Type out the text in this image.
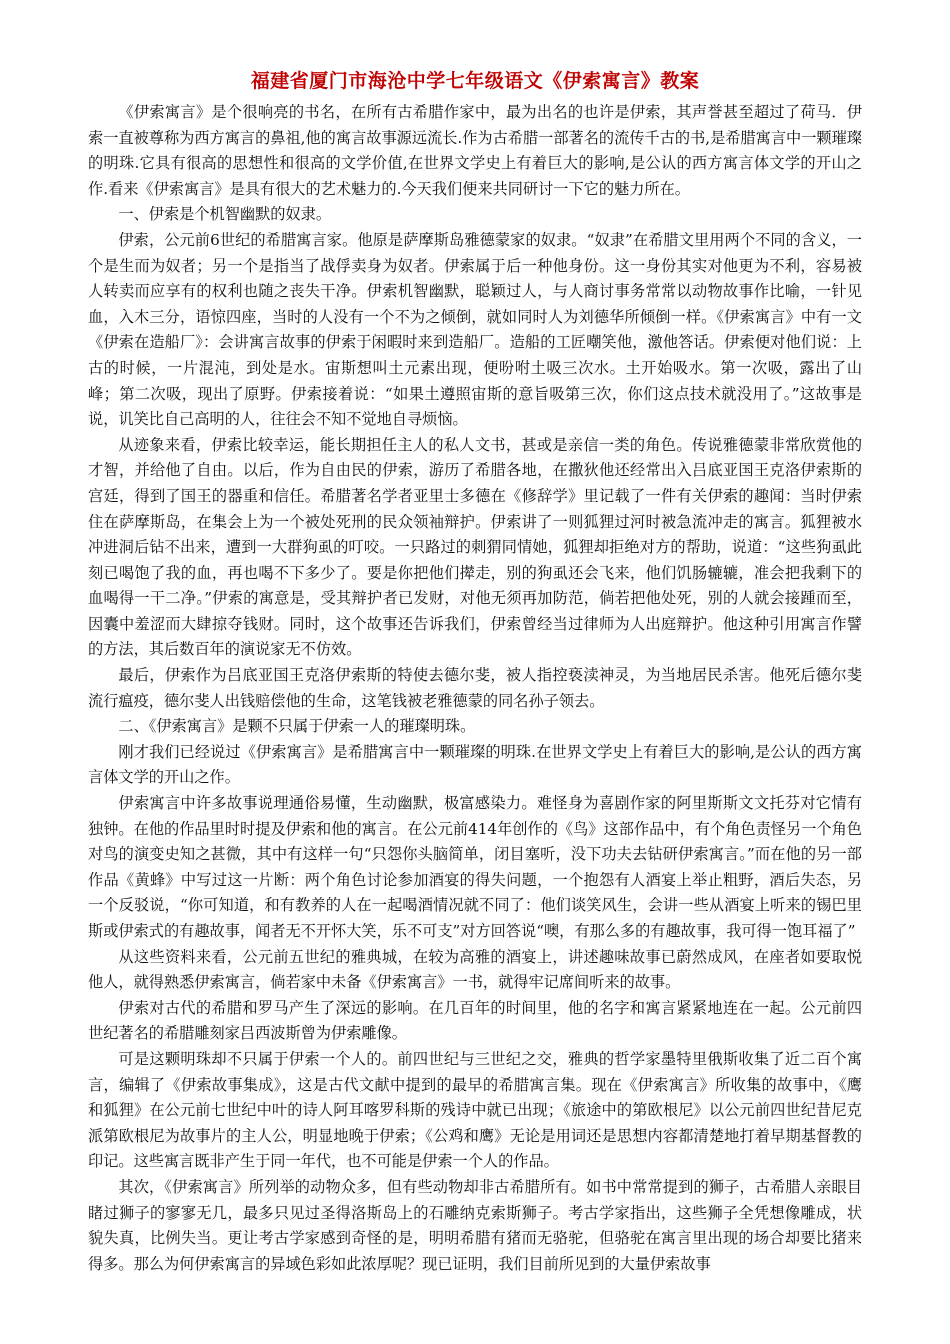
福建省厦门市海沧中学七年级语文《伊索寓言》教案

《伊索寓言》是个很响亮的书名，在所有古希腊作家中，最为出名的也许是伊索，其声誉甚至超过了荷马．伊索一直被尊称为西方寓言的鼻祖,他的寓言故事源远流长.作为古希腊一部著名的流传千古的书,是希腊寓言中一颗璀璨的明珠.它具有很高的思想性和很高的文学价值,在世界文学史上有着巨大的影响,是公认的西方寓言体文学的开山之作.看来《伊索寓言》是具有很大的艺术魅力的.今天我们便来共同研讨一下它的魅力所在。

一、伊索是个机智幽默的奴隶。

伊索，公元前6世纪的希腊寓言家。他原是萨摩斯岛雅德蒙家的奴隶。“奴隶”在希腊文里用两个不同的含义，一个是生而为奴者；另一个是指当了战俘卖身为奴者。伊索属于后一种他身份。这一身份其实对他更为不利，容易被人转卖而应享有的权利也随之丧失干净。伊索机智幽默，聪颖过人，与人商讨事务常常以动物故事作比喻，一针见血，入木三分，语惊四座，当时的人没有一个不为之倾倒，就如同时人为刘德华所倾倒一样。《伊索寓言》中有一文《伊索在造船厂》：会讲寓言故事的伊索于闲暇时来到造船厂。造船的工匠嘲笑他，激他答话。伊索便对他们说：上古的时候，一片混沌，到处是水。宙斯想叫土元素出现，便吩咐土吸三次水。土开始吸水。第一次吸，露出了山峰；第二次吸，现出了原野。伊索接着说：“如果土遵照宙斯的意旨吸第三次，你们这点技术就没用了。”这故事是说，讥笑比自己高明的人，往往会不知不觉地自寻烦恼。

从迹象来看，伊索比较幸运，能长期担任主人的私人文书，甚或是亲信一类的角色。传说雅德蒙非常欣赏他的才智，并给他了自由。以后，作为自由民的伊索，游历了希腊各地，在撒狄他还经常出入吕底亚国王克洛伊索斯的宫廷，得到了国王的器重和信任。希腊著名学者亚里士多德在《修辞学》里记载了一件有关伊索的趣闻：当时伊索住在萨摩斯岛，在集会上为一个被处死刑的民众领袖辩护。伊索讲了一则狐狸过河时被急流冲走的寓言。狐狸被水冲进洞后钻不出来，遭到一大群狗虱的叮咬。一只路过的刺猬同情她，狐狸却拒绝对方的帮助，说道：“这些狗虱此刻已喝饱了我的血，再也喝不下多少了。要是你把他们撵走，别的狗虱还会飞来，他们饥肠辘辘，准会把我剩下的血喝得一干二净。”伊索的寓意是，受其辩护者已发财，对他无须再加防范，倘若把他处死，别的人就会接踵而至，因囊中羞涩而大肆掠夺钱财。同时，这个故事还告诉我们，伊索曾经当过律师为人出庭辩护。他这种引用寓言作譬的方法，其后数百年的演说家无不仿效。

最后，伊索作为吕底亚国王克洛伊索斯的特使去德尔斐，被人指控亵渎神灵，为当地居民杀害。他死后德尔斐流行瘟疫，德尔斐人出钱赔偿他的生命，这笔钱被老雅德蒙的同名孙子领去。

二、《伊索寓言》是颗不只属于伊索一人的璀璨明珠。

刚才我们已经说过《伊索寓言》是希腊寓言中一颗璀璨的明珠.在世界文学史上有着巨大的影响,是公认的西方寓言体文学的开山之作。

伊索寓言中许多故事说理通俗易懂，生动幽默，极富感染力。难怪身为喜剧作家的阿里斯斯文文托芬对它情有独钟。在他的作品里时时提及伊索和他的寓言。在公元前414年创作的《鸟》这部作品中，有个角色责怪另一个角色对鸟的演变史知之甚微，其中有这样一句“只怨你头脑简单，闭目塞听，没下功夫去钻研伊索寓言。”而在他的另一部作品《黄蜂》中写过这一片断：两个角色讨论参加酒宴的得失问题，一个抱怨有人酒宴上举止粗野，酒后失态，另一个反驳说，“你可知道，和有教养的人在一起喝酒情况就不同了：他们谈笑风生，会讲一些从酒宴上听来的锡巴里斯或伊索式的有趣故事，闻者无不开怀大笑，乐不可支”对方回答说“噢，有那么多的有趣故事，我可得一饱耳福了”

从这些资料来看，公元前五世纪的雅典城，在较为高雅的酒宴上，讲述趣味故事已蔚然成风，在座者如要取悦他人，就得熟悉伊索寓言，倘若家中未备《伊索寓言》一书，就得牢记席间听来的故事。

伊索对古代的希腊和罗马产生了深远的影响。在几百年的时间里，他的名字和寓言紧紧地连在一起。公元前四世纪著名的希腊雕刻家吕西波斯曾为伊索雕像。

可是这颗明珠却不只属于伊索一个人的。前四世纪与三世纪之交，雅典的哲学家墨特里俄斯收集了近二百个寓言，编辑了《伊索故事集成》，这是古代文献中提到的最早的希腊寓言集。现在《伊索寓言》所收集的故事中，《鹰和狐狸》在公元前七世纪中叶的诗人阿耳喀罗科斯的残诗中就已出现；《旅途中的第欧根尼》以公元前四世纪昔尼克派第欧根尼为故事片的主人公，明显地晚于伊索；《公鸡和鹰》无论是用词还是思想内容都清楚地打着早期基督教的印记。这些寓言既非产生于同一年代，也不可能是伊索一个人的作品。

其次，《伊索寓言》所列举的动物众多，但有些动物却非古希腊所有。如书中常常提到的狮子，古希腊人亲眼目睹过狮子的寥寥无几，最多只见过圣得洛斯岛上的石雕纳克索斯狮子。考古学家指出，这些狮子全凭想像雕成，状貌失真，比例失当。更让考古学家感到奇怪的是，明明希腊有猪而无骆驼，但骆驼在寓言里出现的场合却要比猪来得多。那么为何伊索寓言的异域色彩如此浓厚呢？现已证明，我们目前所见到的大量伊索故事
